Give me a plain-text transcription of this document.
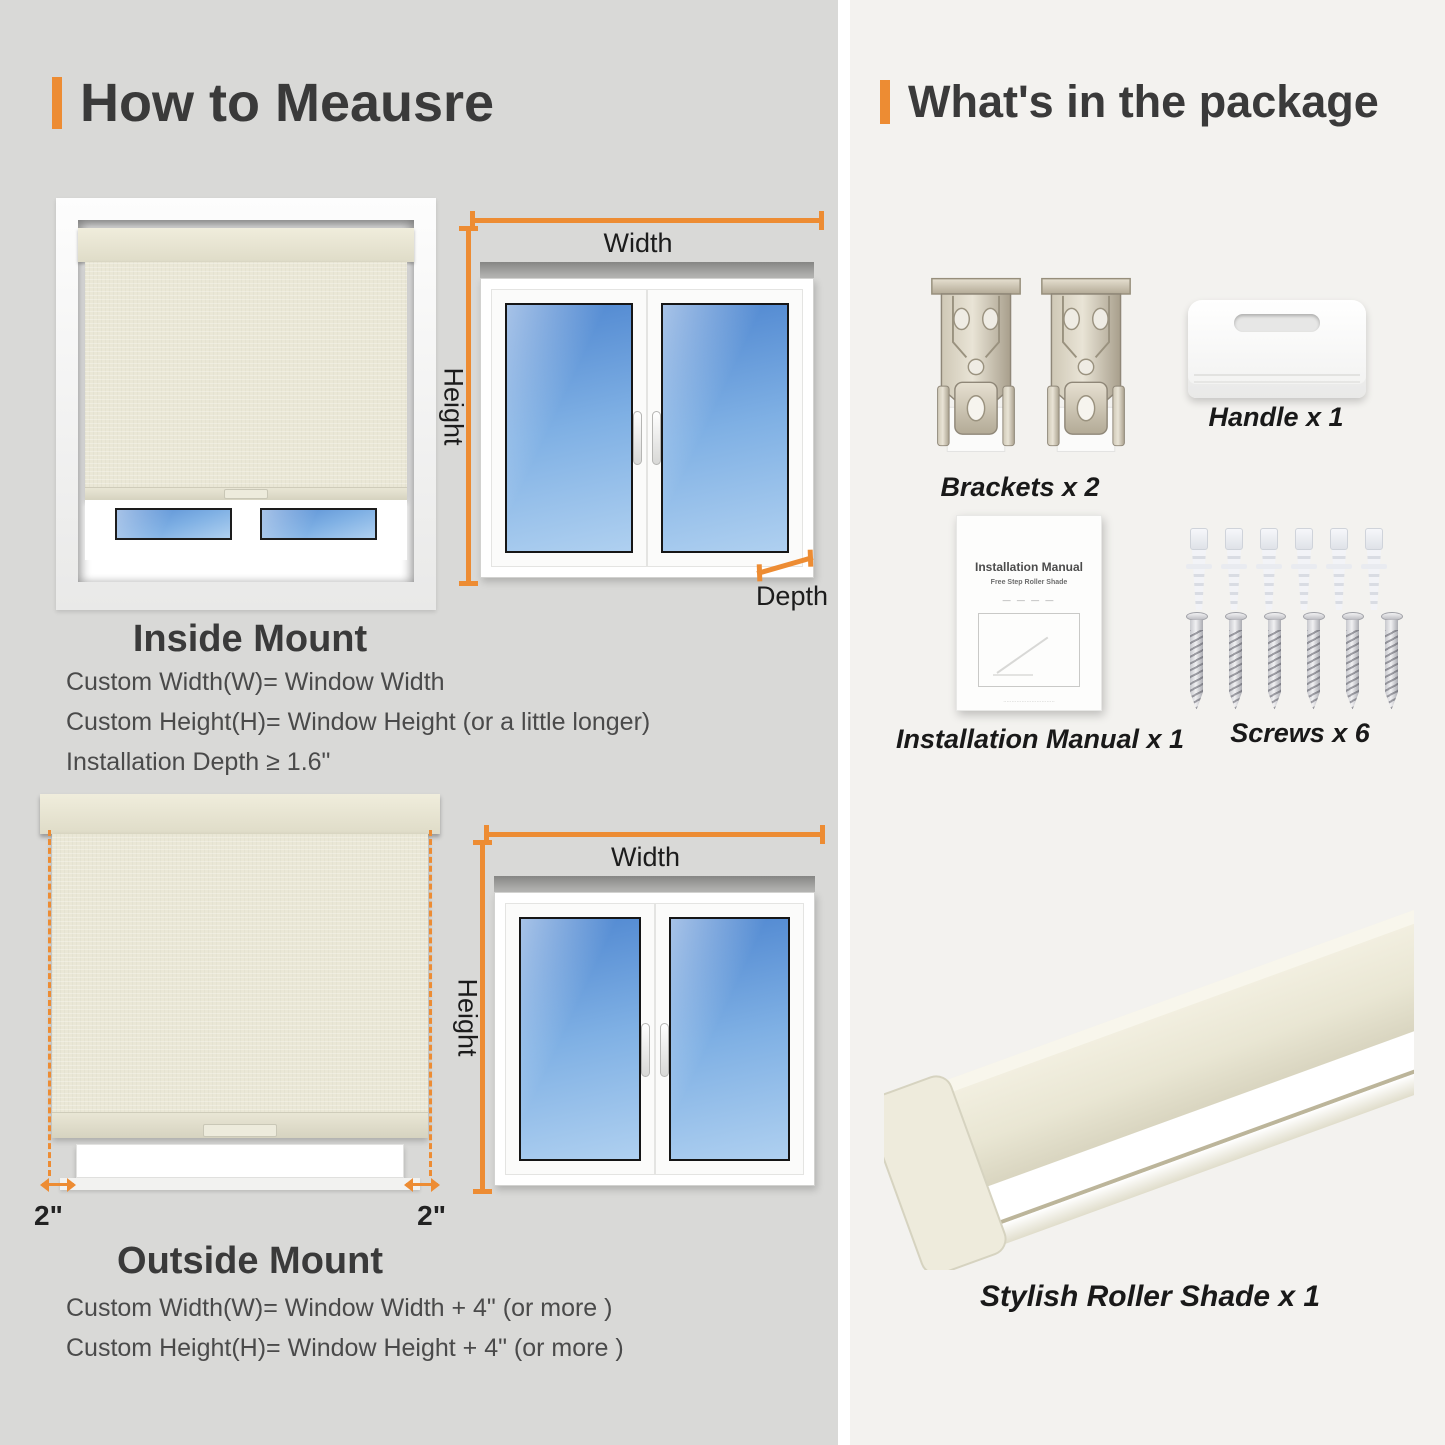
How to Meausre
Width
Height
Depth
Inside Mount

Custom Width(W)= Window Width

Custom Height(H)= Window Height (or a little longer)

Installation Depth ≥ 1.6"

2"	2"
Width
Height
Outside Mount

Custom Width(W)= Window Width + 4" (or more )

Custom Height(H)= Window Height + 4" (or more )

What's in the package
Brackets x 2
Handle x 1
Installation Manual
Free Step Roller Shade
— — — —
·······························
Installation Manual x 1	Screws x 6
Stylish Roller Shade x 1
